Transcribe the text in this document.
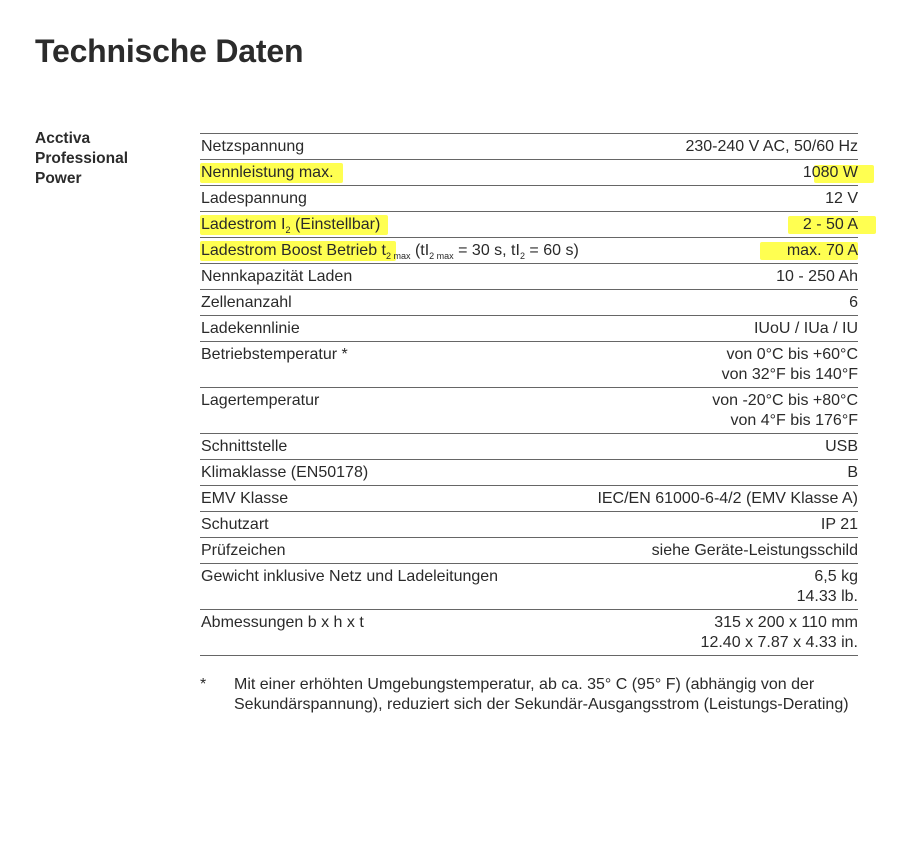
Technische Daten
Acctiva
Professional
Power
Netzspannung	230-240 V AC, 50/60 Hz
Nennleistung max.	1080 W
Ladespannung	12 V
Ladestrom $I_2$ (Einstellbar)	2 - 50 A
Ladestrom Boost Betrieb $t_{2 max}$ ($tI_{2 max} = 30$ s, $tI_2 = 60$ s)	max. 70 A
Nennkapazität Laden	10 - 250 Ah
Zellenanzahl	6
Ladekennlinie	IUoU / IUa / IU
Betriebstemperatur *	von 0°C bis +60°C
von 32°F bis 140°F
Lagertemperatur	von -20°C bis +80°C
von 4°F bis 176°F
Schnittstelle	USB
Klimaklasse (EN50178)	B
EMV Klasse	IEC/EN 61000-6-4/2 (EMV Klasse A)
Schutzart	IP 21
Prüfzeichen	siehe Geräte-Leistungsschild
Gewicht inklusive Netz und Ladeleitungen	6,5 kg
14.33 lb.
Abmessungen b x h x t	315 x 200 x 110 mm
12.40 x 7.87 x 4.33 in.
*	Mit einer erhöhten Umgebungstemperatur, ab ca. 35° C (95° F) (abhängig von der Sekundärspannung), reduziert sich der Sekundär-Ausgangsstrom (Leistungs-Derating)
